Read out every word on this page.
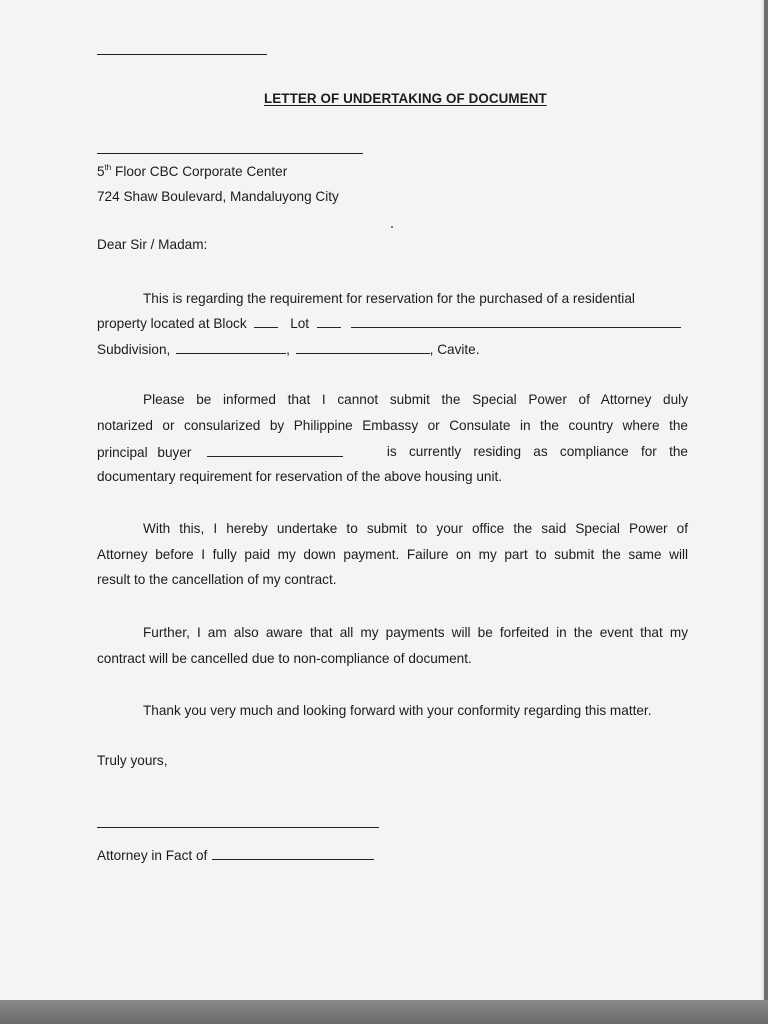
LETTER OF UNDERTAKING OF DOCUMENT
5th Floor CBC Corporate Center
724 Shaw Boulevard, Mandaluyong City
Dear Sir / Madam:
This is regarding the requirement for reservation for the purchased of a residential
property located at Block	Lot
Subdivision,	,	, Cavite.
Please be informed that I cannot submit the Special Power of Attorney duly
notarized or consularized by Philippine Embassy or Consulate in the country where the
principal buyer	is currently residing as compliance for the
documentary requirement for reservation of the above housing unit.
With this, I hereby undertake to submit to your office the said Special Power of
Attorney before I fully paid my down payment. Failure on my part to submit the same will
result to the cancellation of my contract.
Further, I am also aware that all my payments will be forfeited in the event that my
contract will be cancelled due to non-compliance of document.
Thank you very much and looking forward with your conformity regarding this matter.
Truly yours,
Attorney in Fact of
